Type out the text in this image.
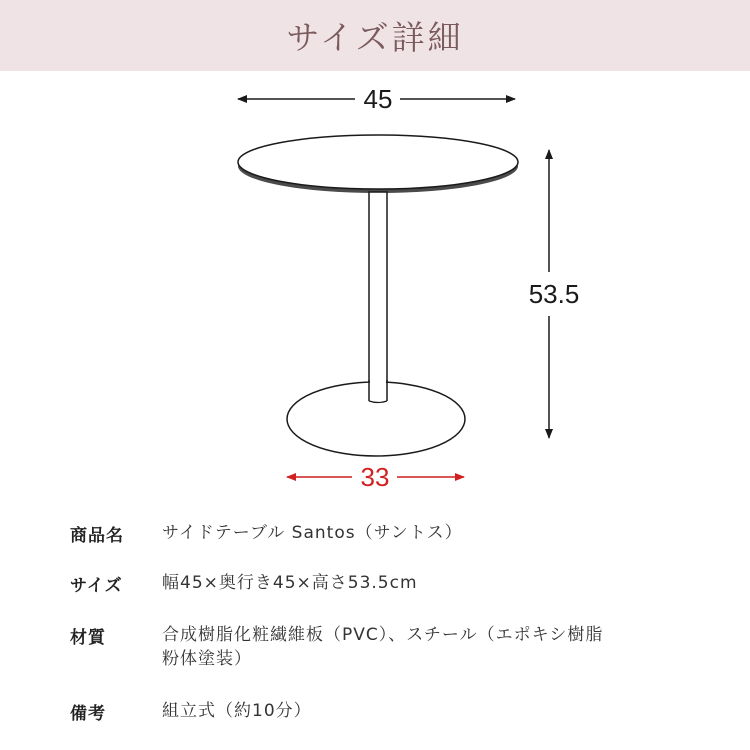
サイズ詳細
45
53.5
33
商品名 サイドテーブル Santos（サントス）
サイズ 幅45×奥行き45×高さ53.5cm
材質	合成樹脂化粧繊維板（PVC）、スチール（エポキシ樹脂
粉体塗装）
備考	組立式（約10分）
